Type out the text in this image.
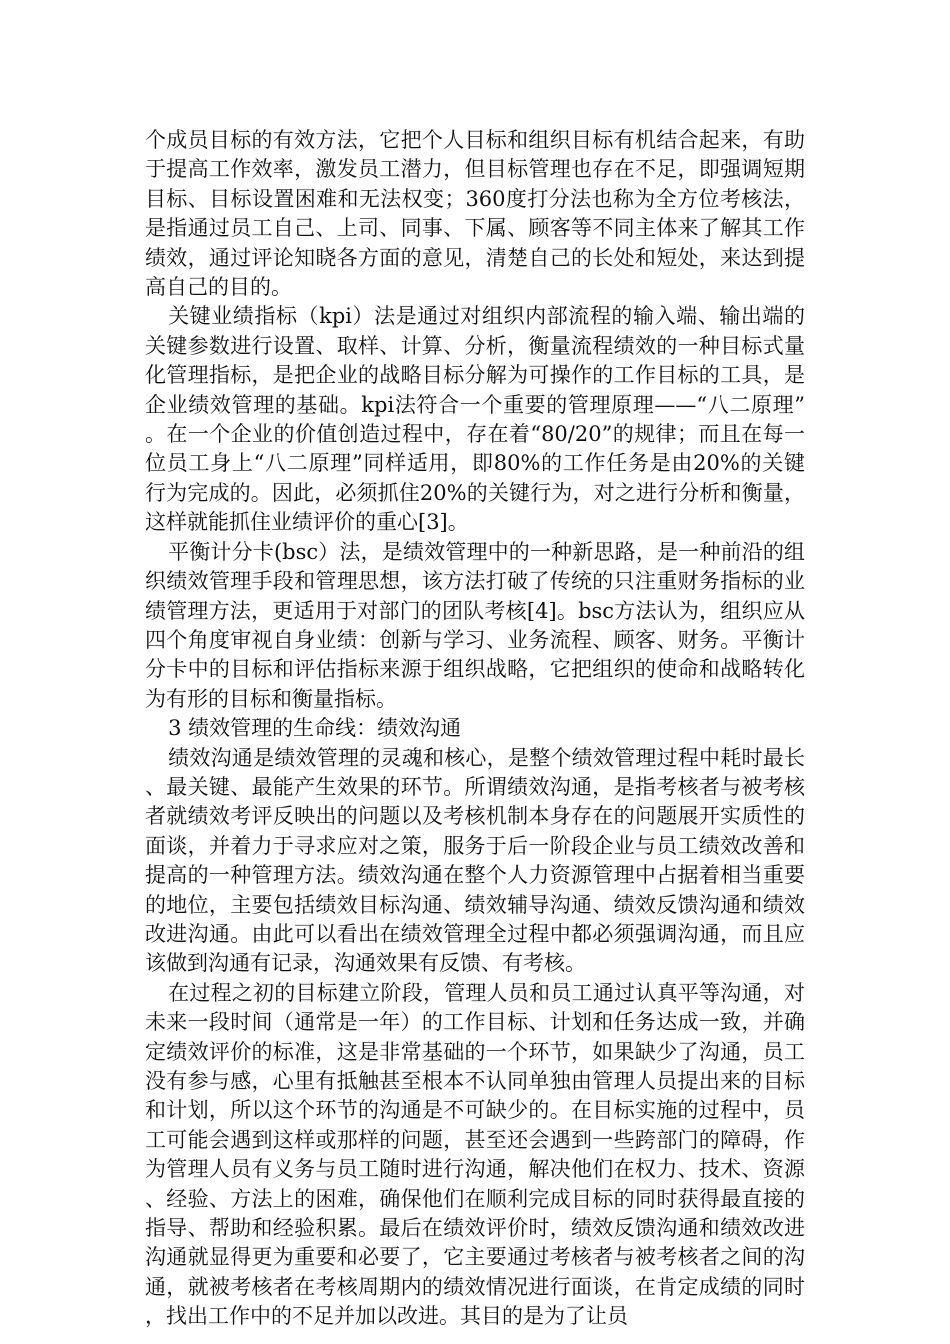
个成员目标的有效方法，它把个人目标和组织目标有机结合起来，有助于提高工作效率，激发员工潜力，但目标管理也存在不足，即强调短期目标、目标设置困难和无法权变；360度打分法也称为全方位考核法，是指通过员工自己、上司、同事、下属、顾客等不同主体来了解其工作绩效，通过评论知晓各方面的意见，清楚自己的长处和短处，来达到提高自己的目的。

关键业绩指标（kpi）法是通过对组织内部流程的输入端、输出端的关键参数进行设置、取样、计算、分析，衡量流程绩效的一种目标式量化管理指标，是把企业的战略目标分解为可操作的工作目标的工具，是企业绩效管理的基础。kpi法符合一个重要的管理原理——“八二原理”。在一个企业的价值创造过程中，存在着“80/20”的规律；而且在每一位员工身上“八二原理”同样适用，即80%的工作任务是由20%的关键行为完成的。因此，必须抓住20%的关键行为，对之进行分析和衡量，这样就能抓住业绩评价的重心[3]。

平衡计分卡(bsc）法，是绩效管理中的一种新思路，是一种前沿的组织绩效管理手段和管理思想，该方法打破了传统的只注重财务指标的业绩管理方法，更适用于对部门的团队考核[4]。bsc方法认为，组织应从四个角度审视自身业绩：创新与学习、业务流程、顾客、财务。平衡计分卡中的目标和评估指标来源于组织战略，它把组织的使命和战略转化为有形的目标和衡量指标。

3 绩效管理的生命线：绩效沟通

绩效沟通是绩效管理的灵魂和核心，是整个绩效管理过程中耗时最长、最关键、最能产生效果的环节。所谓绩效沟通，是指考核者与被考核者就绩效考评反映出的问题以及考核机制本身存在的问题展开实质性的面谈，并着力于寻求应对之策，服务于后一阶段企业与员工绩效改善和提高的一种管理方法。绩效沟通在整个人力资源管理中占据着相当重要的地位，主要包括绩效目标沟通、绩效辅导沟通、绩效反馈沟通和绩效改进沟通。由此可以看出在绩效管理全过程中都必须强调沟通，而且应该做到沟通有记录，沟通效果有反馈、有考核。

在过程之初的目标建立阶段，管理人员和员工通过认真平等沟通，对未来一段时间（通常是一年）的工作目标、计划和任务达成一致，并确定绩效评价的标准，这是非常基础的一个环节，如果缺少了沟通，员工没有参与感，心里有抵触甚至根本不认同单独由管理人员提出来的目标和计划，所以这个环节的沟通是不可缺少的。在目标实施的过程中，员工可能会遇到这样或那样的问题，甚至还会遇到一些跨部门的障碍，作为管理人员有义务与员工随时进行沟通，解决他们在权力、技术、资源、经验、方法上的困难，确保他们在顺利完成目标的同时获得最直接的指导、帮助和经验积累。最后在绩效评价时，绩效反馈沟通和绩效改进沟通就显得更为重要和必要了，它主要通过考核者与被考核者之间的沟通，就被考核者在考核周期内的绩效情况进行面谈，在肯定成绩的同时，找出工作中的不足并加以改进。其目的是为了让员
